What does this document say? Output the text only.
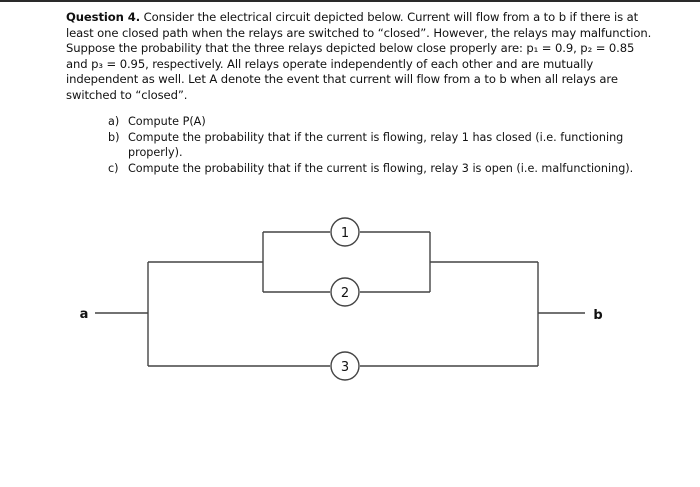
Question 4. Consider the electrical circuit depicted below. Current will flow from a to b if there is at least one closed path when the relays are switched to “closed”. However, the relays may malfunction. Suppose the probability that the three relays depicted below close properly are: p₁ = 0.9, p₂ = 0.85 and p₃ = 0.95, respectively. All relays operate independently of each other and are mutually independent as well. Let A denote the event that current will flow from a to b when all relays are switched to “closed”.

a) Compute P(A)
b) Compute the probability that if the current is flowing, relay 1 has closed (i.e. functioning properly).
c) Compute the probability that if the current is flowing, relay 3 is open (i.e. malfunctioning).
1
2
3
a	b
